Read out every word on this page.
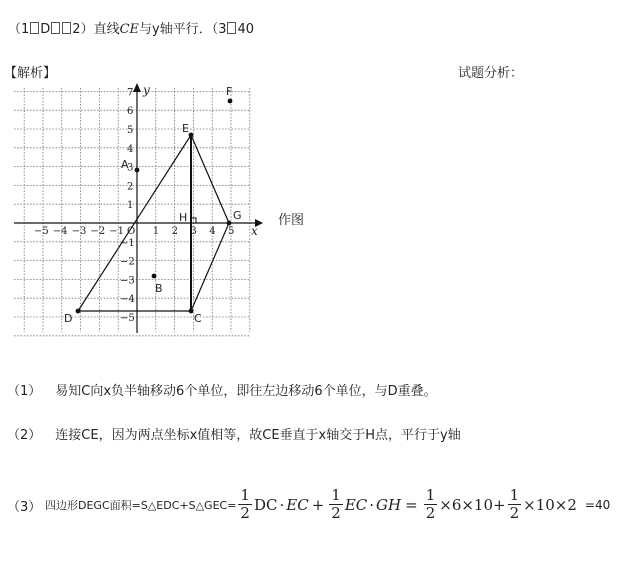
（1 D 2）直线CE与y轴平行．（3 40
【解析】	试题分析：
x
y
−5 −4 −3 −2 −1 O 1 2 3 4 5
7
6
5
4
3
2
1
−1
−2
−3
−4
−5
A
B
C
D
E
F
G
H	作图
（1） 易知C向x负半轴移动6个单位，即往左边移动6个单位，与D重叠。
（2） 连接CE，因为两点坐标x值相等，故CE垂直于x轴交于H点，平行于y轴
（3） 四边形DEGC面积=S△EDC+S△GEC= $\frac{1}{2}$ DC · EC + $\frac{1}{2}$ EC · GH = $\frac{1}{2} \times 6\times 10+ \frac{1}{2} \times 10\times 2 =40$
